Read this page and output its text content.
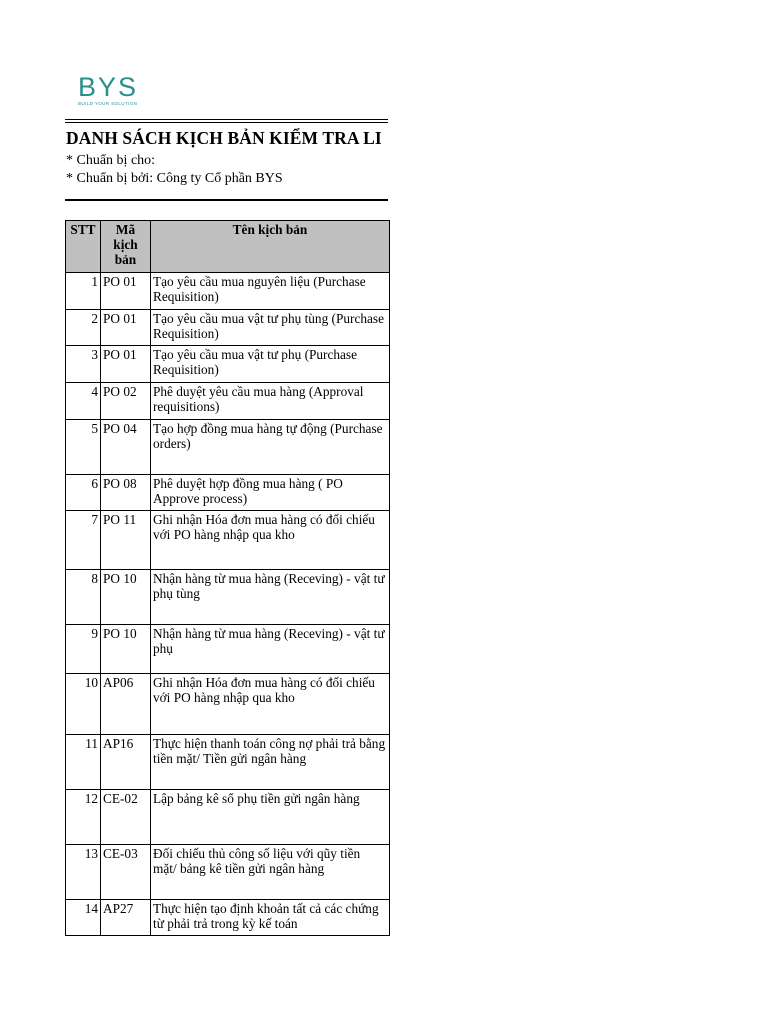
BYS
BUILD YOUR SOLUTION
DANH SÁCH KỊCH BẢN KIỂM TRA LI
* Chuẩn bị cho:
* Chuẩn bị bởi: Công ty Cổ phần BYS
STT	Mã kịch bản	Tên kịch bản
1	PO 01	Tạo yêu cầu mua nguyên liệu (Purchase Requisition)
2	PO 01	Tạo yêu cầu mua vật tư phụ tùng (Purchase Requisition)
3	PO 01	Tạo yêu cầu mua vật tư phụ (Purchase Requisition)
4	PO 02	Phê duyệt yêu cầu mua hàng (Approval requisitions)
5	PO 04	Tạo hợp đồng mua hàng tự động (Purchase orders)
6	PO 08	Phê duyệt hợp đồng mua hàng ( PO Approve process)
7	PO 11	Ghi nhận Hóa đơn mua hàng có đối chiếu với PO hàng nhập qua kho
8	PO 10	Nhận hàng từ mua hàng (Receving) - vật tư phụ tùng
9	PO 10	Nhận hàng từ mua hàng (Receving) - vật tư phụ
10	AP06	Ghi nhận Hóa đơn mua hàng có đối chiếu với PO hàng nhập qua kho
11	AP16	Thực hiện thanh toán công nợ phải trả bằng tiền mặt/ Tiền gửi ngân hàng
12	CE-02	Lập bảng kê sổ phụ tiền gửi ngân hàng
13	CE-03	Đối chiếu thủ công số liệu với qũy tiền mặt/ bảng kê tiền gửi ngân hàng
14	AP27	Thực hiện tạo định khoản tất cả các chứng từ phải trả trong kỳ kế toán
